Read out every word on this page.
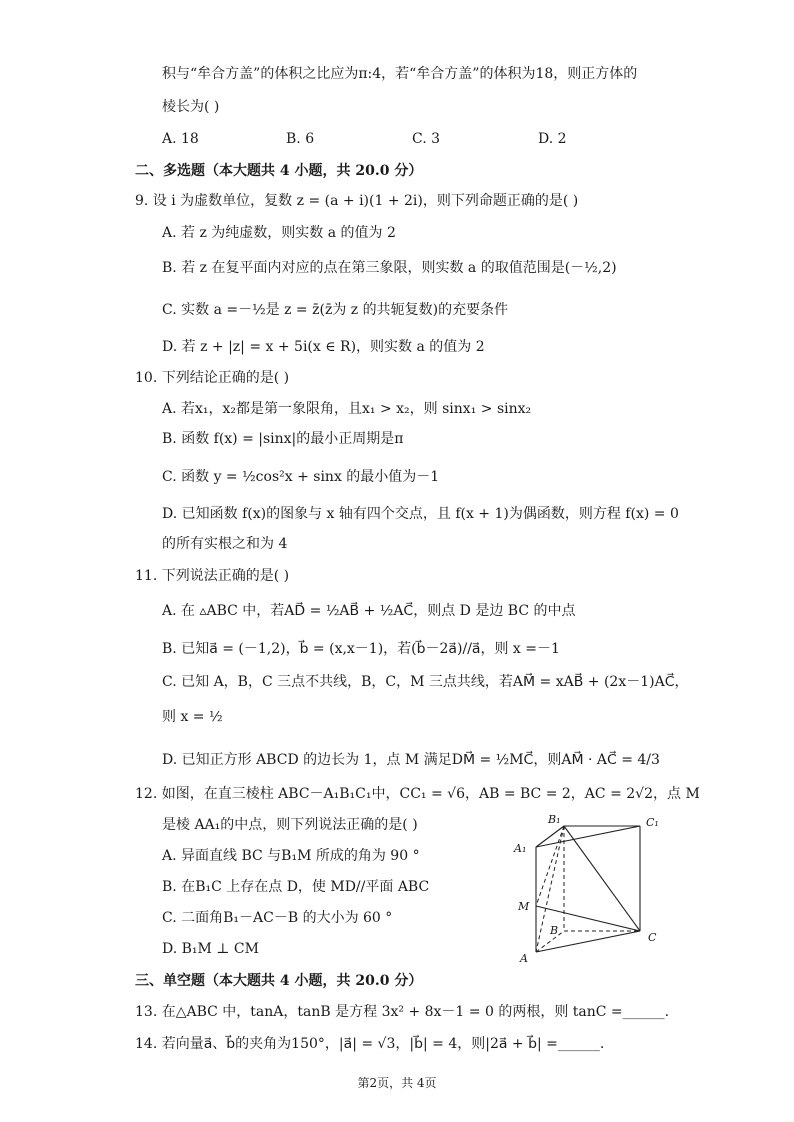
积与“牟合方盖”的体积之比应为π:4，若“牟合方盖”的体积为18，则正方体的
棱长为( )
A. 18	B. 6	C. 3	D. 2
二、多选题（本大题共 4 小题，共 20.0 分）
9. 设 i 为虚数单位，复数 z = (a + i)(1 + 2i)，则下列命题正确的是( )
A. 若 z 为纯虚数，则实数 a 的值为 2
B. 若 z 在复平面内对应的点在第三象限，则实数 a 的取值范围是(－½,2)
C. 实数 a =－½是 z = z̄(z̄为 z 的共轭复数)的充要条件
D. 若 z + |z| = x + 5i(x ∈ R)，则实数 a 的值为 2
10. 下列结论正确的是( )
A. 若x₁，x₂都是第一象限角，且x₁ > x₂，则 sinx₁ > sinx₂
B. 函数 f(x) = |sinx|的最小正周期是π
C. 函数 y = ½cos²x + sinx 的最小值为－1
D. 已知函数 f(x)的图象与 x 轴有四个交点，且 f(x + 1)为偶函数，则方程 f(x) = 0
的所有实根之和为 4
11. 下列说法正确的是( )
A. 在 ▵ABC 中，若AD⃗ = ½AB⃗ + ½AC⃗，则点 D 是边 BC 的中点
B. 已知a⃗ = (－1,2)，b⃗ = (x,x－1)，若(b⃗－2a⃗)//a⃗，则 x =－1
C. 已知 A，B，C 三点不共线，B，C，M 三点共线，若AM⃗ = xAB⃗ + (2x－1)AC⃗，
则 x = ½
D. 已知正方形 ABCD 的边长为 1，点 M 满足DM⃗ = ½MC⃗，则AM⃗ · AC⃗ = 4/3
12. 如图，在直三棱柱 ABC－A₁B₁C₁中，CC₁ = √6，AB = BC = 2，AC = 2√2，点 M
是棱 AA₁的中点，则下列说法正确的是( )
A. 异面直线 BC 与B₁M 所成的角为 90 °
B. 在B₁C 上存在点 D，使 MD//平面 ABC
C. 二面角B₁－AC－B 的大小为 60 °
D. B₁M ⊥ CM
B₁	C₁
A₁
M
B
C
A
三、单空题（本大题共 4 小题，共 20.0 分）
13. 在△ABC 中，tanA，tanB 是方程 3x² + 8x－1 = 0 的两根，则 tanC =______.
14. 若向量a⃗、b⃗的夹角为150°，|a⃗| = √3，|b⃗| = 4，则|2a⃗ + b⃗| =______.
第2页，共 4页
